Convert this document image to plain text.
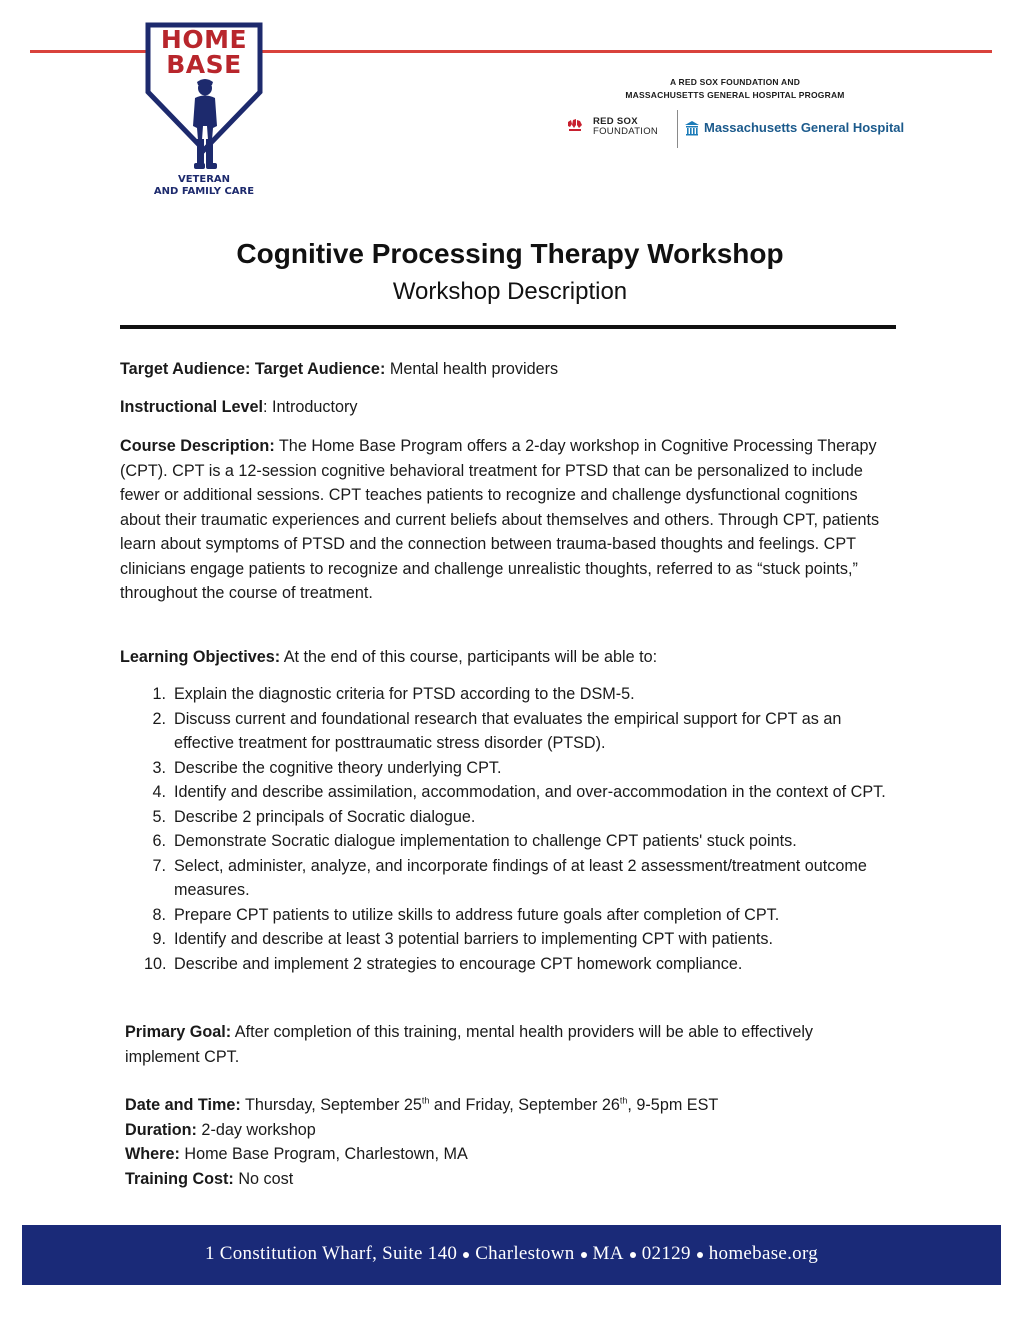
HOME
BASE
VETERAN
AND FAMILY CARE
A RED SOX FOUNDATION AND
MASSACHUSETTS GENERAL HOSPITAL PROGRAM
RED SOX
FOUNDATION	Massachusetts General Hospital
Cognitive Processing Therapy Workshop
Workshop Description
Target Audience: Target Audience: Mental health providers
Instructional Level: Introductory
Course Description: The Home Base Program offers a 2-day workshop in Cognitive Processing Therapy (CPT). CPT is a 12-session cognitive behavioral treatment for PTSD that can be personalized to include fewer or additional sessions. CPT teaches patients to recognize and challenge dysfunctional cognitions about their traumatic experiences and current beliefs about themselves and others. Through CPT, patients learn about symptoms of PTSD and the connection between trauma-based thoughts and feelings. CPT clinicians engage patients to recognize and challenge unrealistic thoughts, referred to as “stuck points,” throughout the course of treatment.
Learning Objectives: At the end of this course, participants will be able to:
1. Explain the diagnostic criteria for PTSD according to the DSM-5.
2. Discuss current and foundational research that evaluates the empirical support for CPT as an effective treatment for posttraumatic stress disorder (PTSD).
3. Describe the cognitive theory underlying CPT.
4. Identify and describe assimilation, accommodation, and over-accommodation in the context of CPT.
5. Describe 2 principals of Socratic dialogue.
6. Demonstrate Socratic dialogue implementation to challenge CPT patients' stuck points.
7. Select, administer, analyze, and incorporate findings of at least 2 assessment/treatment outcome measures.
8. Prepare CPT patients to utilize skills to address future goals after completion of CPT.
9. Identify and describe at least 3 potential barriers to implementing CPT with patients.
10. Describe and implement 2 strategies to encourage CPT homework compliance.
Primary Goal: After completion of this training, mental health providers will be able to effectively implement CPT.
Date and Time: Thursday, September 25th and Friday, September 26th, 9-5pm EST
Duration: 2-day workshop
Where: Home Base Program, Charlestown, MA
Training Cost: No cost
1 Constitution Wharf, Suite 140 Charlestown MA 02129 homebase.org
